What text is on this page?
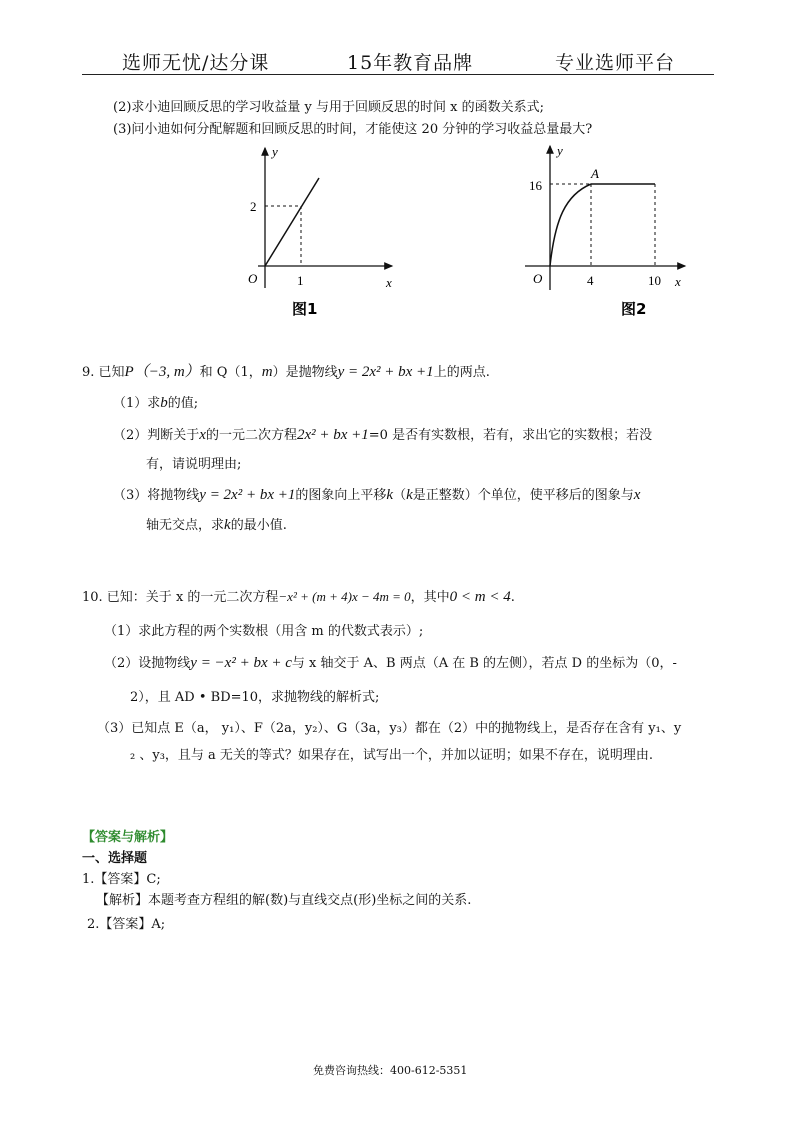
选师无忧/达分课	15年教育品牌	专业选师平台
(2)求小迪回顾反思的学习收益量 y 与用于回顾反思的时间 x 的函数关系式;
(3)问小迪如何分配解题和回顾反思的时间，才能使这 20 分钟的学习收益总量最大?
y
x
O	1
2
图1
y
x
O
16
4	10
A
图2
9. 已知P（−3, m）和 Q（1，m）是抛物线y = 2x² + bx +1上的两点.
（1）求b的值;
（2）判断关于x的一元二次方程2x² + bx +1=0 是否有实数根，若有，求出它的实数根；若没
有，请说明理由;
（3）将抛物线y = 2x² + bx +1的图象向上平移k（k是正整数）个单位，使平移后的图象与x
轴无交点，求k的最小值.
10. 已知：关于 x 的一元二次方程−x² + (m + 4)x − 4m = 0，其中0 < m < 4.
（1）求此方程的两个实数根（用含 m 的代数式表示）;
（2）设抛物线y = −x² + bx + c与 x 轴交于 A、B 两点（A 在 B 的左侧），若点 D 的坐标为（0，-
2），且 AD • BD=10，求抛物线的解析式;
（3）已知点 E（a， y₁）、F（2a，y₂）、G（3a，y₃）都在（2）中的抛物线上，是否存在含有 y₁、y
₂ 、y₃，且与 a 无关的等式？如果存在，试写出一个，并加以证明；如果不存在，说明理由.
【答案与解析】
一、选择题
1.【答案】C;
【解析】本题考查方程组的解(数)与直线交点(形)坐标之间的关系.
2.【答案】A;
免费咨询热线：400-612-5351
